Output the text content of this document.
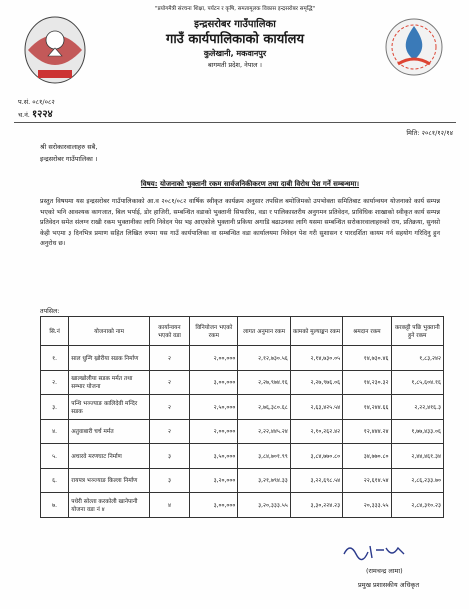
"प्रयोगमैत्री संरचना शिक्षा, पर्यटन र कृषि, समतामूलक विकास इन्द्रसरोबर समृद्धि"
इन्द्रसरोबर गाउँपालिका
गाउँ कार्यपालिकाको कार्यालय
कुलेखानी, मकवानपुर
बागमती प्रदेश, नेपाल ।
प.सं. ०८१/०८२
च.नं. १२२४
मिति: २०८१/१२/१४
श्री सरोकारवालाहरु सबै,
इन्द्रसरोबर गाउँपालिका ।
विषय: योजनाको भुक्तानी रकम सार्वजनिकीकरण तथा दाबी विरोध पेश गर्ने सम्बन्धमा।
प्रस्तुत विषयमा यस इन्द्रसरोबर गाउँपालिकाको आ.व २०८१/०८२ वार्षिक स्वीकृत कार्यक्रम अनुसार तपसिल बमोजिमको उपभोक्ता समितिबाट कार्यान्वयन योजनाको कार्य सम्पन्न भएको भनि आवश्यक कागजात, बिल भर्पाई, डोर हाजिरी, सम्बन्धित वडाको भुक्तानी सिफारिस, वडा र पालिकास्तरीय अनुगमन प्रतिवेदन, प्राविधिक शाखाको स्वीकृत कार्य सम्पन्न प्रतिवेदन समेत संलग्न राखी रकम भुक्तानीका लागि निवेदन पेस भइ आएकोले भुक्तानी प्रकिया अगाडि बढाउनका लागि यसमा सम्बन्धित सरोकारवालाहरुको राय, प्रतिक्रया, सुनसो केही भएमा ३ दिनभित्र प्रमाण सहित लिखित रुपमा यस गाउँ कार्यपालिका वा सम्बन्धित वडा कार्यालयमा निवेदन पेश गरी सुशासन र पारदर्शिता कायम गर्न सहयोग गरिदिनु हुन अनुरोध छ।
तपसिल:
सि.नं	योजनाको नाम	कार्यान्वयन भएको वडा	विनियोजन भएको रकम	लागत अनुमान रकम	कामको मुल्याङ्कन रकम	श्रमदान रकम	करकट्टी पछि भुक्तानी हुने रकम
१.	साल धुन्गि ख्रोरीया सडक निर्माण	२	२,००,०००	२,१२,७३०.५६	२,१४,७३०.०५	१४,७३०.४६	१,८३,२४२
२.	खाल्खोलीया सडक मर्मत तथा सम्भार योजना	२	३,००,०००	२,२७,९७४.१६	२,२७,९७६.०६	१४,२३०.३२	१,८५,६०४.१६
३.	पन्थि भञ्ज्याङ कालिदेवी मन्दिर सडक	२	२,५०,०००	२,७६,३८०.६८	२,६३,४२५.५४	१४,२४४.६६	२,२२,४१६.३
४.	अतुवाबारी चर्च मर्मत	२	२,००,०००	२,२२,४४५.२४	२,१०,२६२.४२	१२,४४४.२४	१,७७,४३३.०६
५.	अचारवे मरणघाट निर्माण	३	३,५०,०००	३,८४,७०१.९९	३,८४,७७०.८०	३४,७७०.८०	२,४४,४६१.३४
६.	रायपत्र भञ्ज्याङ किल्ला निर्माण	३	३,२०,०००	३,२१,७९४.३३	३,२२,६९८.५४	२२,६१४.५४	२,८६,२३३.७०
७.	पधेरी सोल्ता करकोली खानेपानी योजना वडा नं ४	४	३,००,०००	३,२०,३३३.५५	३,३०,२२४.२३	२०,३३३.५५	२,८४,३१०.२३
(रामचन्द्र लामा)
प्रमुख प्रशासकीय अधिकृत
